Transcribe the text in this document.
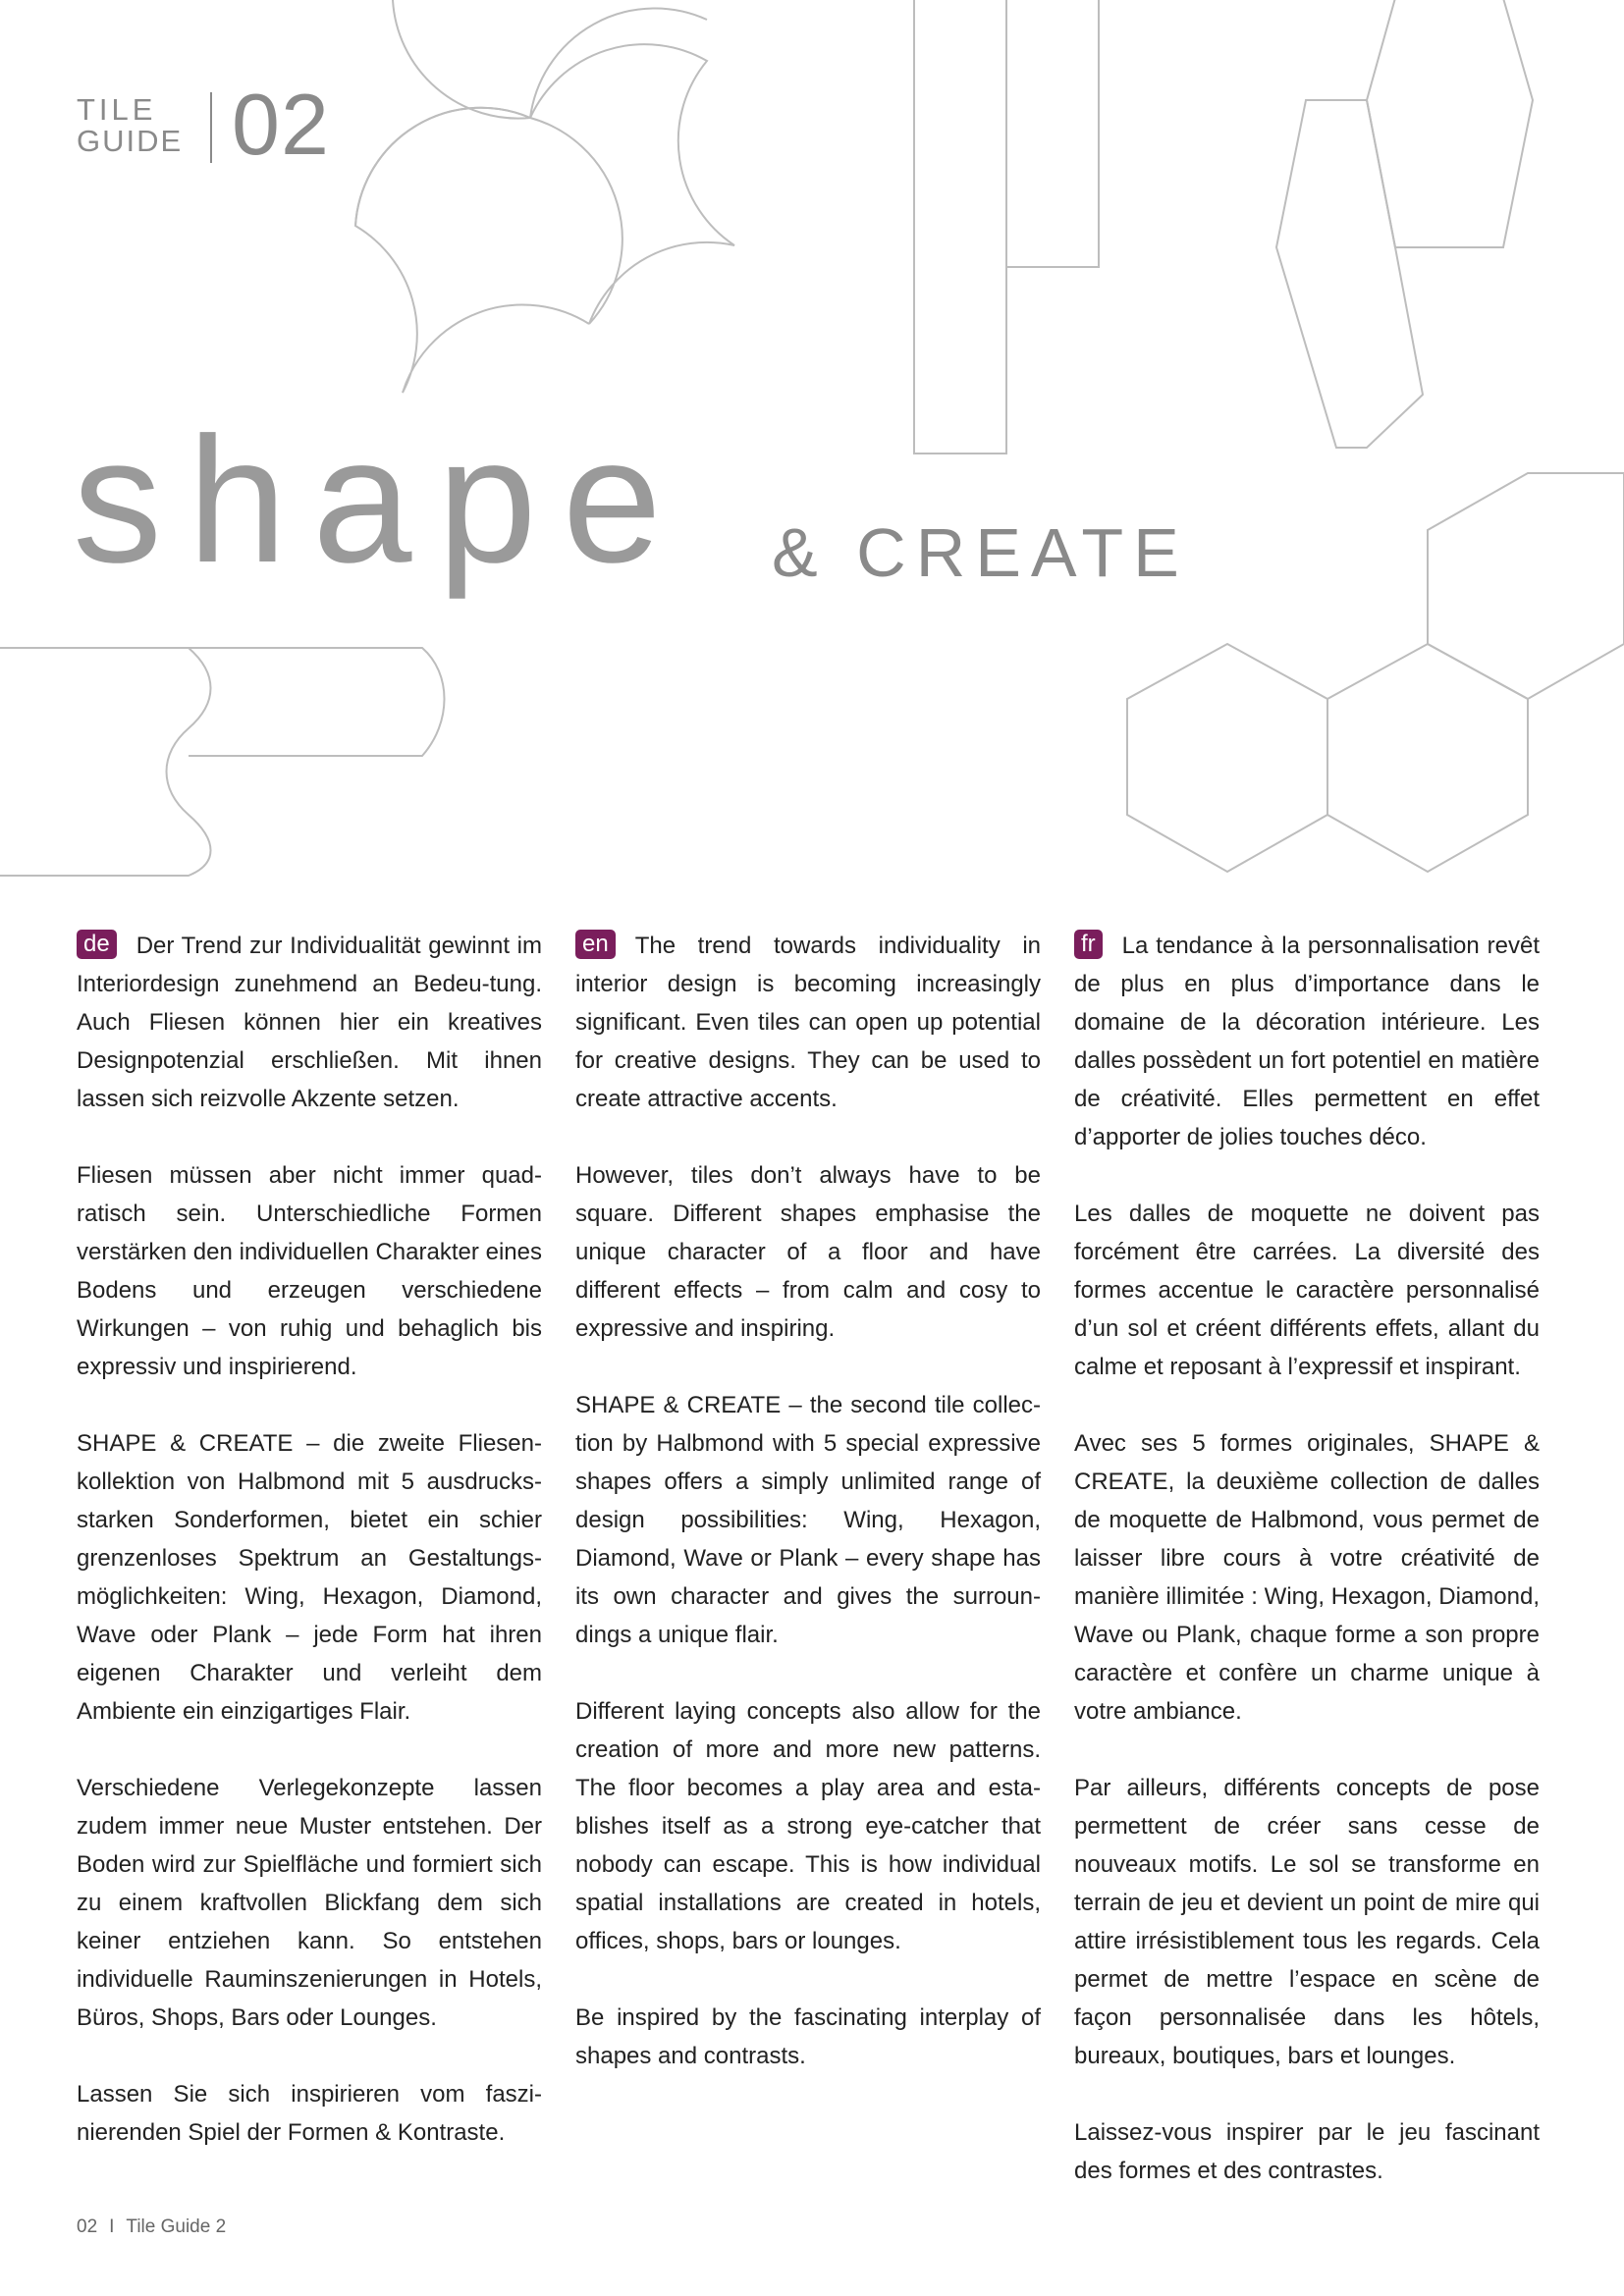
TILE
GUIDE 02
shape & CREATE

de Der Trend zur Individualität gewinnt im Interiordesign zunehmend an Bedeu-tung. Auch Fliesen können hier ein kreatives Designpotenzial erschließen. Mit ihnen lassen sich reizvolle Akzente setzen.

Fliesen müssen aber nicht immer quad-ratisch sein. Unterschiedliche Formen verstärken den individuellen Charakter eines Bodens und erzeugen verschiedene Wirkungen – von ruhig und behaglich bis expressiv und inspirierend.

SHAPE & CREATE – die zweite Fliesen-kollektion von Halbmond mit 5 ausdrucks-starken Sonderformen, bietet ein schier grenzenloses Spektrum an Gestaltungs-möglichkeiten: Wing, Hexagon, Diamond, Wave oder Plank – jede Form hat ihren eigenen Charakter und verleiht dem Ambiente ein einzigartiges Flair.

Verschiedene Verlegekonzepte lassen zudem immer neue Muster entstehen. Der Boden wird zur Spielfläche und formiert sich zu einem kraftvollen Blickfang dem sich keiner entziehen kann. So entstehen individuelle Rauminszenierungen in Hotels, Büros, Shops, Bars oder Lounges.

Lassen Sie sich inspirieren vom faszi-nierenden Spiel der Formen & Kontraste.

en The trend towards individuality in interior design is becoming increasingly significant. Even tiles can open up potential for creative designs. They can be used to create attractive accents.

However, tiles don’t always have to be square. Different shapes emphasise the unique character of a floor and have different effects – from calm and cosy to expressive and inspiring.

SHAPE & CREATE – the second tile collec-tion by Halbmond with 5 special expressive shapes offers a simply unlimited range of design possibilities: Wing, Hexagon, Diamond, Wave or Plank – every shape has its own character and gives the surroun-dings a unique flair.

Different laying concepts also allow for the creation of more and more new patterns. The floor becomes a play area and esta-blishes itself as a strong eye-catcher that nobody can escape. This is how individual spatial installations are created in hotels, offices, shops, bars or lounges.

Be inspired by the fascinating interplay of shapes and contrasts.

fr La tendance à la personnalisation revêt de plus en plus d’importance dans le domaine de la décoration intérieure. Les dalles possèdent un fort potentiel en matière de créativité. Elles permettent en effet d’apporter de jolies touches déco.

Les dalles de moquette ne doivent pas forcément être carrées. La diversité des formes accentue le caractère personnalisé d’un sol et créent différents effets, allant du calme et reposant à l’expressif et inspirant.

Avec ses 5 formes originales, SHAPE & CREATE, la deuxième collection de dalles de moquette de Halbmond, vous permet de laisser libre cours à votre créativité de manière illimitée : Wing, Hexagon, Diamond, Wave ou Plank, chaque forme a son propre caractère et confère un charme unique à votre ambiance.

Par ailleurs, différents concepts de pose permettent de créer sans cesse de nouveaux motifs. Le sol se transforme en terrain de jeu et devient un point de mire qui attire irrésistiblement tous les regards. Cela permet de mettre l’espace en scène de façon personnalisée dans les hôtels, bureaux, boutiques, bars et lounges.

Laissez-vous inspirer par le jeu fascinant des formes et des contrastes.

02 I Tile Guide 2
